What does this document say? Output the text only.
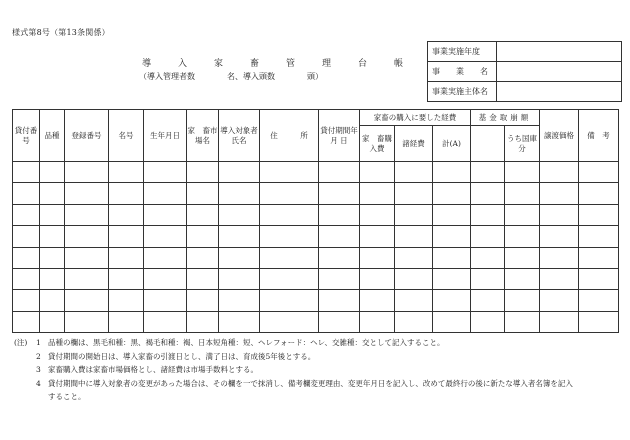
様式第8号（第13条関係）
導　入　家　畜　管　理　台　帳
（導入管理者数　　　　名、導入頭数　　　　頭）
事業実施年度	
事　　業　　名	
事業実施主体名	
貸付番号	品種	登録番号	名号	生年月日	家　畜市場名	導入対象者氏名	住　　　所	貸付期間年 月 日	家畜の購入に要した経費			基金取崩額		譲渡価格	備　考
									家　畜購入費	諸経費	計(A)		うち国庫分		

(注)	1 品種の欄は、黒毛和種：黒、褐毛和種：褐、日本短角種：短、ヘレフォード：ヘレ、交雑種：交として記入すること。
2 貸付期間の開始日は、導入家畜の引渡日とし、満了日は、育成後5年後とする。
3 家畜購入費は家畜市場価格とし、諸経費は市場手数料とする。
4 貸付期間中に導入対象者の変更があった場合は、その欄を一で抹消し、備考欄変更理由、変更年月日を記入し、改めて最終行の後に新たな導入者名簿を記入
すること。
